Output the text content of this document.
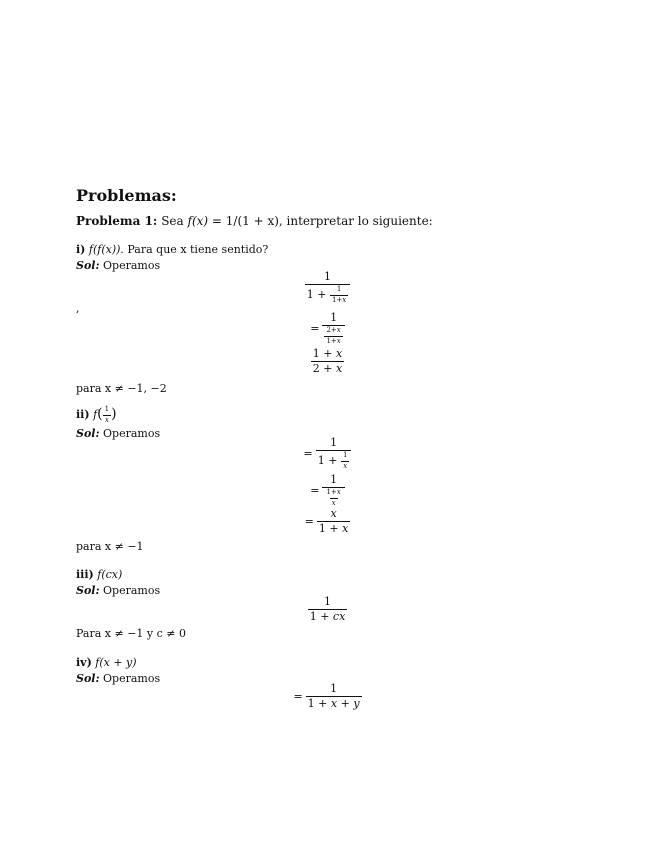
Problemas:
Problema 1: Sea f(x) = 1/(1 + x), interpretar lo siguiente:
i) f(f(x)). Para que x tiene sentido?
Sol: Operamos
$\frac{1}{1 + \frac{1}{1+x}}$
,
= $\frac{1}{\frac{2+x}{1+x}}$
$\frac{1 + x}{2 + x}$
para x ≠ −1, −2
ii) $f( \frac{1}{x}$ )
Sol: Operamos
= $\frac{1}{1 + \frac{1}{x}}$
= $\frac{1}{\frac{1+x}{x}}$
= $\frac{x}{1 + x}$
para x ≠ −1
iii) f(cx)
Sol: Operamos
$\frac{1}{1 + cx}$
Para x ≠ −1 y c ≠ 0
iv) f(x + y)
Sol: Operamos
= $\frac{1}{1 + x + y}$
